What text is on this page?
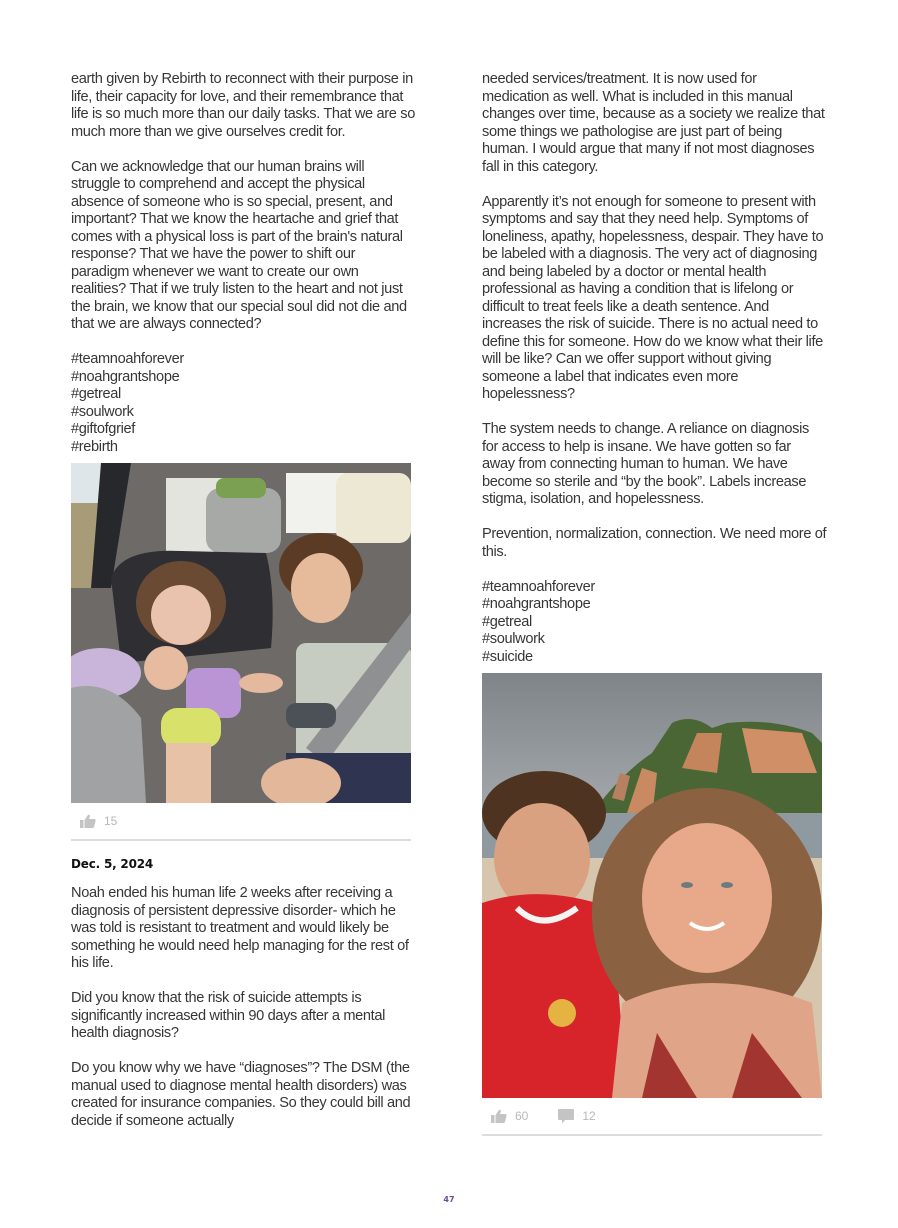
earth given by Rebirth to reconnect with their purpose in life, their capacity for love, and their remembrance that life is so much more than our daily tasks. That we are so much more than we give ourselves credit for.

Can we acknowledge that our human brains will struggle to comprehend and accept the physical absence of someone who is so special, present, and important? That we know the heartache and grief that comes with a physical loss is part of the brain's natural response? That we have the power to shift our paradigm whenever we want to create our own realities? That if we truly listen to the heart and not just the brain, we know that our special soul did not die and that we are always connected?

#teamnoahforever
#noahgrantshope
#getreal
#soulwork
#giftofgrief
#rebirth
15
Dec. 5, 2024

Noah ended his human life 2 weeks after receiving a diagnosis of persistent depressive disorder- which he was told is resistant to treatment and would likely be something he would need help managing for the rest of his life.

Did you know that the risk of suicide attempts is significantly increased within 90 days after a mental health diagnosis?

Do you know why we have “diagnoses”? The DSM (the manual used to diagnose mental health disorders) was created for insurance companies. So they could bill and decide if someone actually

needed services/treatment. It is now used for medication as well. What is included in this manual changes over time, because as a society we realize that some things we pathologise are just part of being human. I would argue that many if not most diagnoses fall in this category.

Apparently it’s not enough for someone to present with symptoms and say that they need help. Symptoms of loneliness, apathy, hopelessness, despair. They have to be labeled with a diagnosis. The very act of diagnosing and being labeled by a doctor or mental health professional as having a condition that is lifelong or difficult to treat feels like a death sentence. And increases the risk of suicide. There is no actual need to define this for someone. How do we know what their life will be like? Can we offer support without giving someone a label that indicates even more hopelessness?

The system needs to change. A reliance on diagnosis for access to help is insane. We have gotten so far away from connecting human to human. We have become so sterile and “by the book”. Labels increase stigma, isolation, and hopelessness.

Prevention, normalization, connection. We need more of this.

#teamnoahforever
#noahgrantshope
#getreal
#soulwork
#suicide
60	12
47
